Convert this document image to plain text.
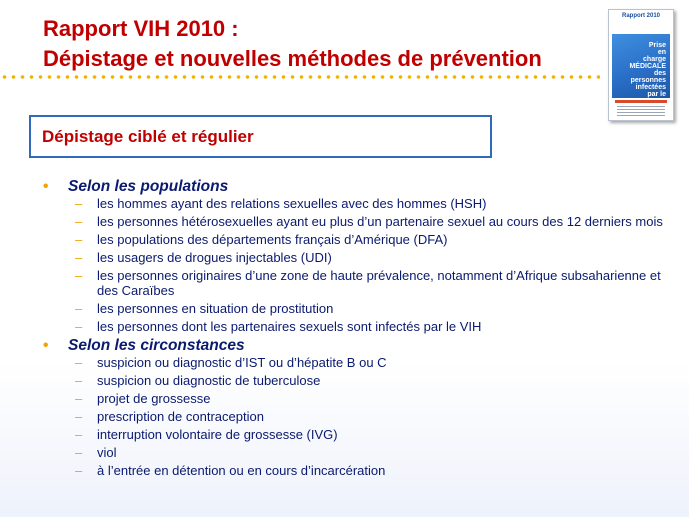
Rapport VIH 2010 :
Dépistage et nouvelles méthodes de prévention
Rapport 2010
Prise
en
charge
MÉDICALE
des
personnes
infectées
par le

Dépistage ciblé et régulier
• Selon les populations
– les hommes ayant des relations sexuelles avec des hommes (HSH)
– les personnes hétérosexuelles ayant eu plus d’un partenaire sexuel au cours des 12 derniers mois
– les populations des départements français d’Amérique (DFA)
– les usagers de drogues injectables (UDI)
– les personnes originaires d’une zone de haute prévalence, notamment d’Afrique subsaharienne et des Caraïbes
– les personnes en situation de prostitution
– les personnes dont les partenaires sexuels sont infectés par le VIH
• Selon les circonstances
– suspicion ou diagnostic d’IST ou d’hépatite B ou C
– suspicion ou diagnostic de tuberculose
– projet de grossesse
– prescription de contraception
– interruption volontaire de grossesse (IVG)
– viol
– à l’entrée en détention ou en cours d’incarcération
